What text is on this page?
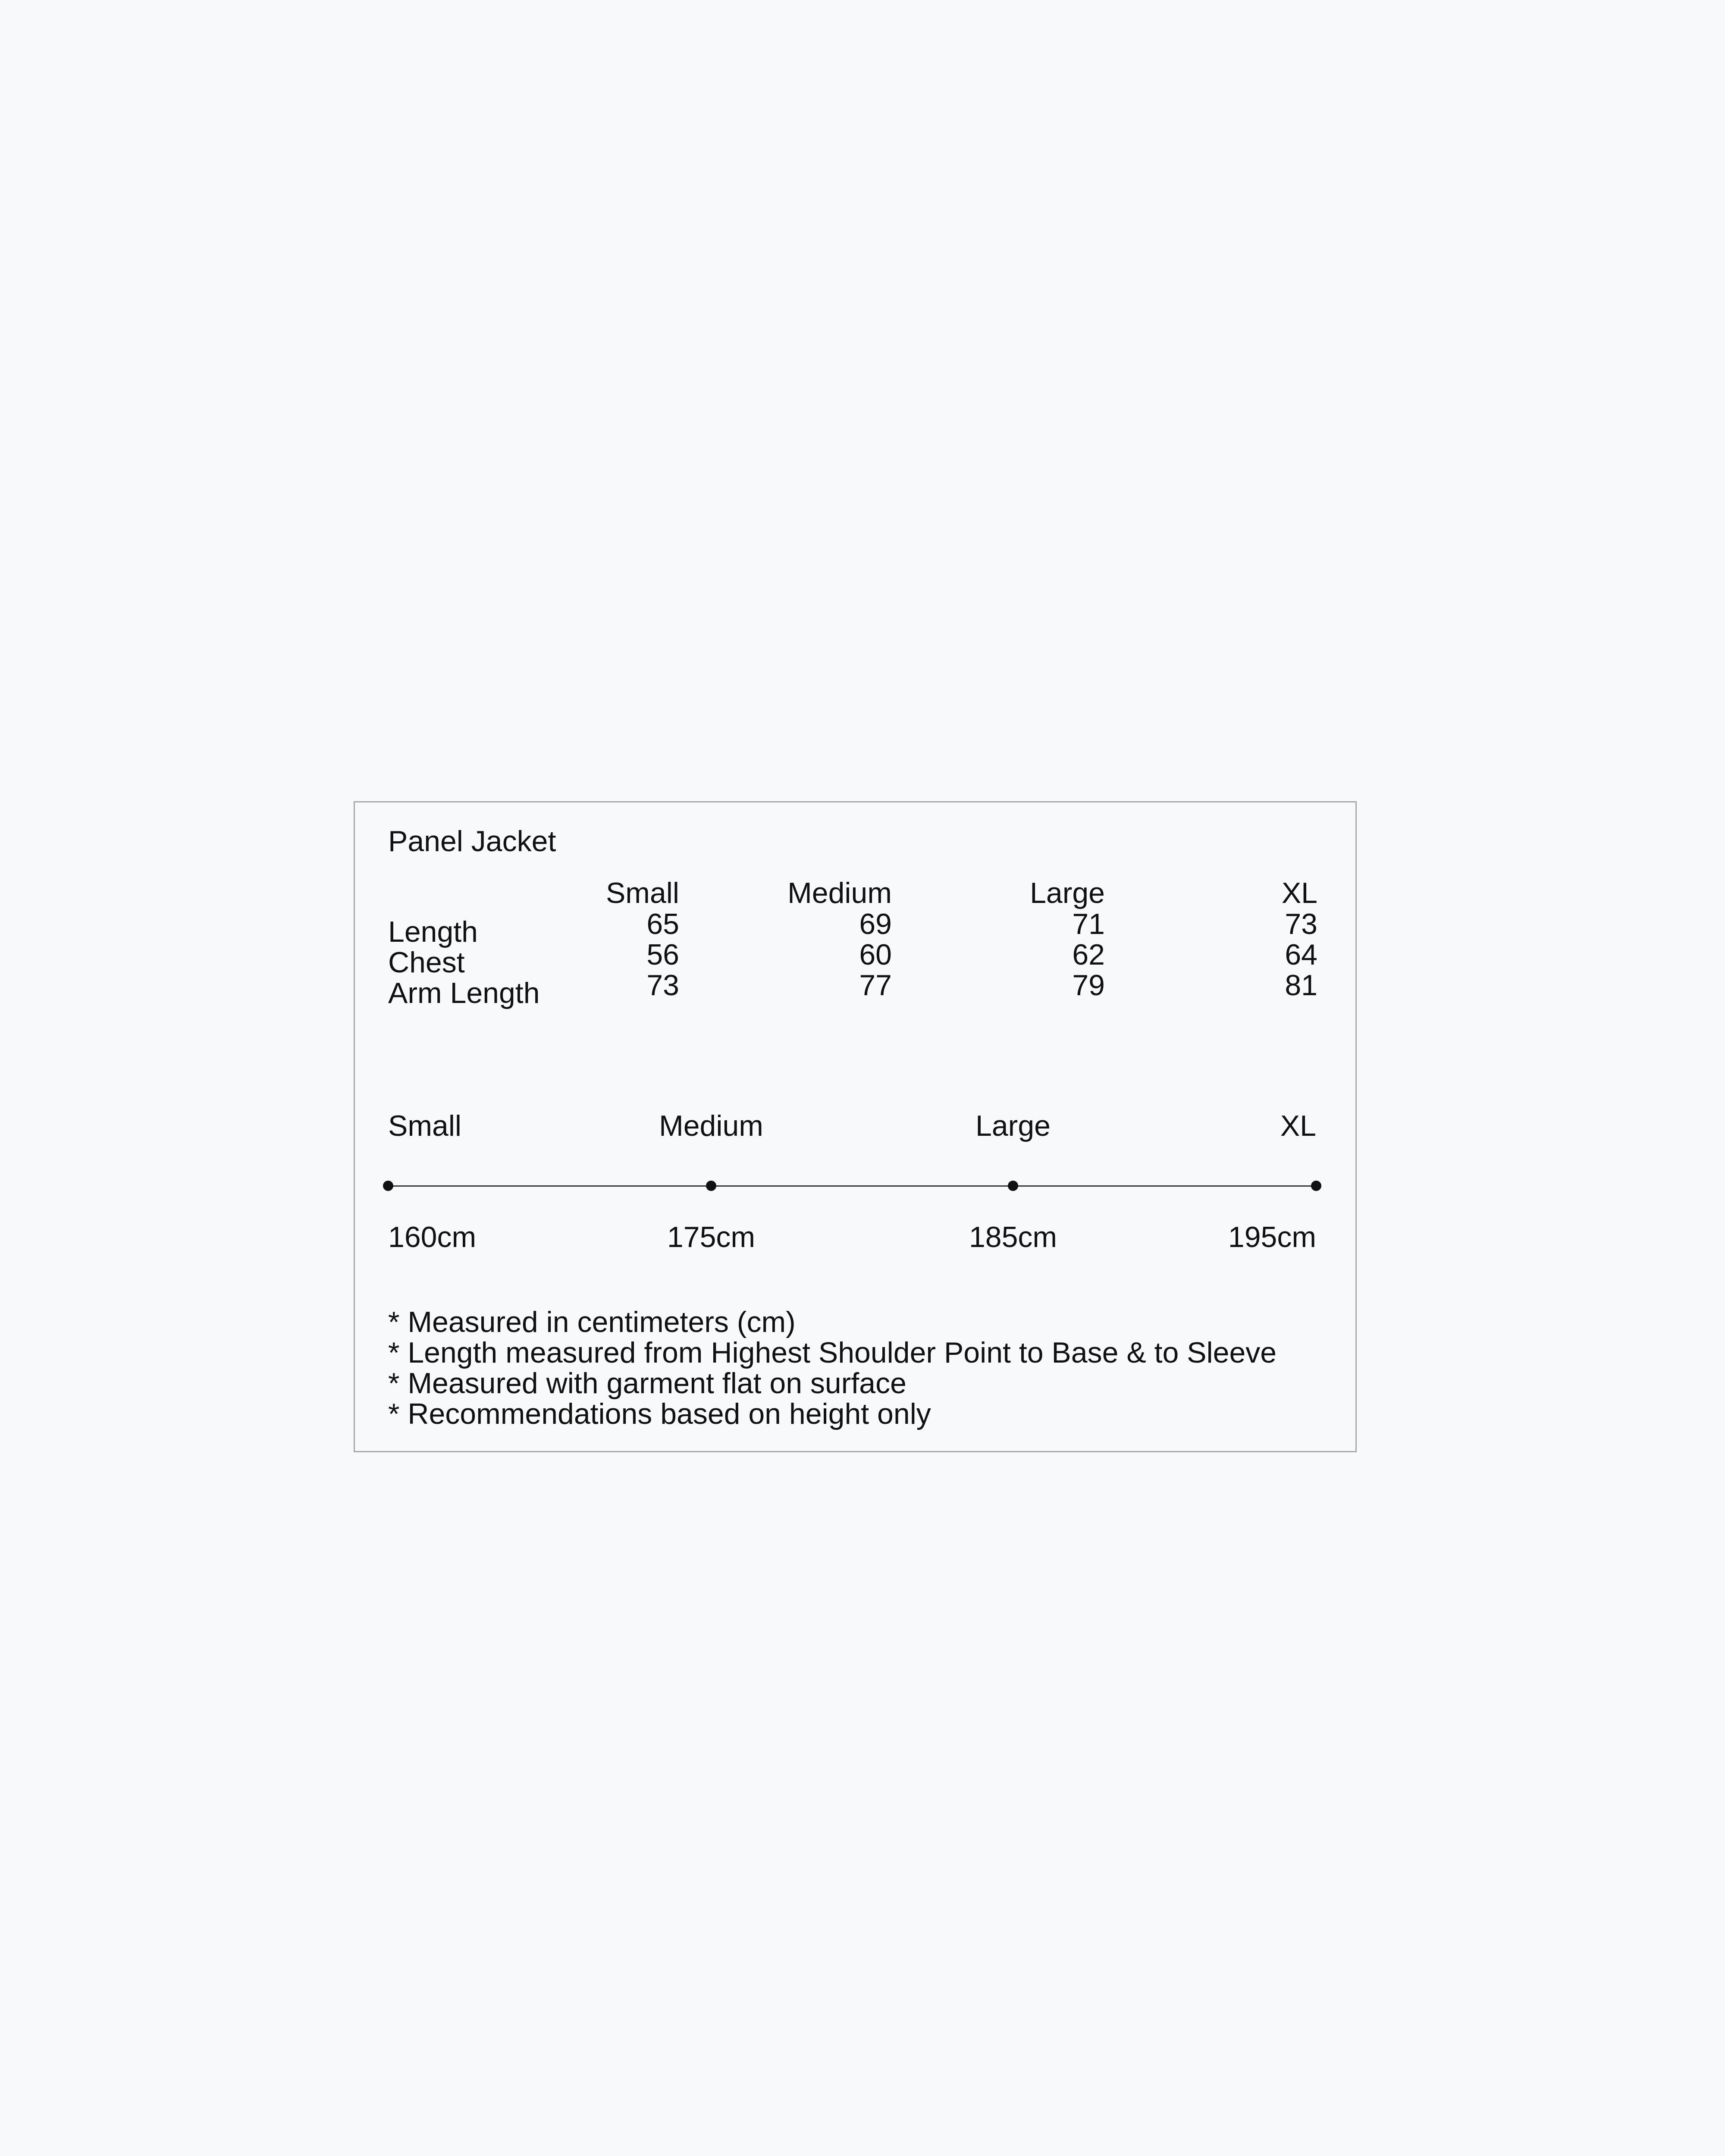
Panel Jacket
Small	Medium	Large	XL
Length	65	69	71	73
Chest	56	60	62	64
Arm Length	73	77	79	81
Small	Medium	Large	XL
160cm	175cm	185cm	195cm
* Measured in centimeters (cm)
* Length measured from Highest Shoulder Point to Base & to Sleeve
* Measured with garment flat on surface
* Recommendations based on height only
